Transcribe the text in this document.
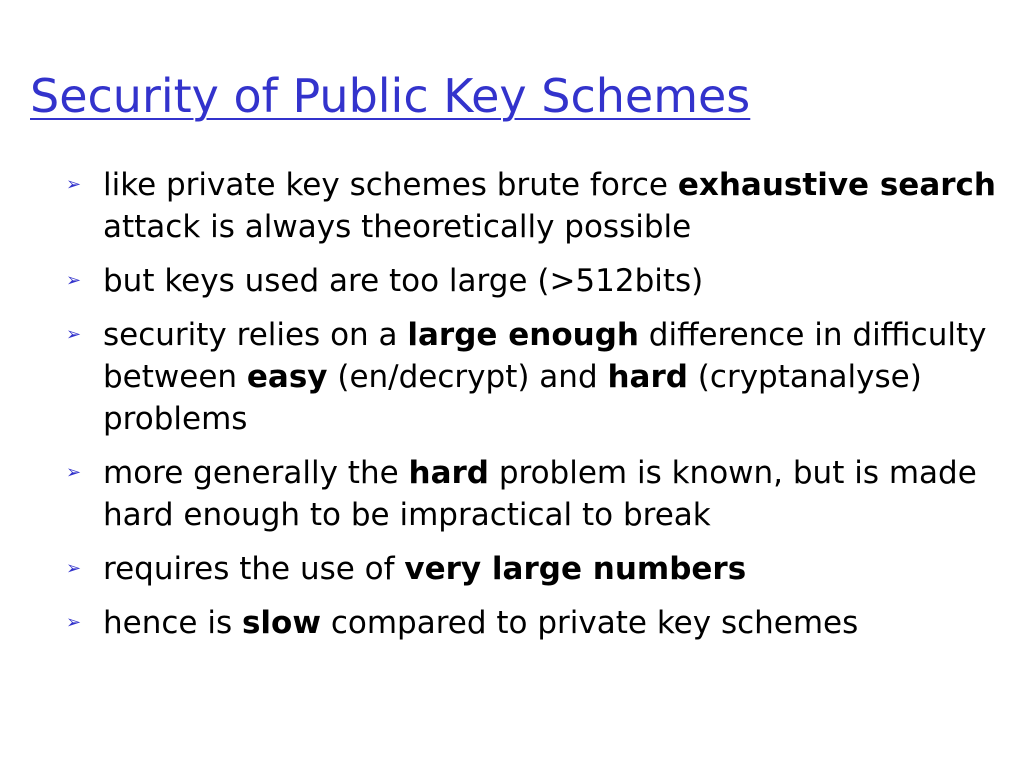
Security of Public Key Schemes
➢ like private key schemes brute force exhaustive search attack is always theoretically possible
➢ but keys used are too large (>512bits)
➢ security relies on a large enough difference in difficulty between easy (en/decrypt) and hard (cryptanalyse) problems
➢ more generally the hard problem is known, but is made hard enough to be impractical to break
➢ requires the use of very large numbers
➢ hence is slow compared to private key schemes
